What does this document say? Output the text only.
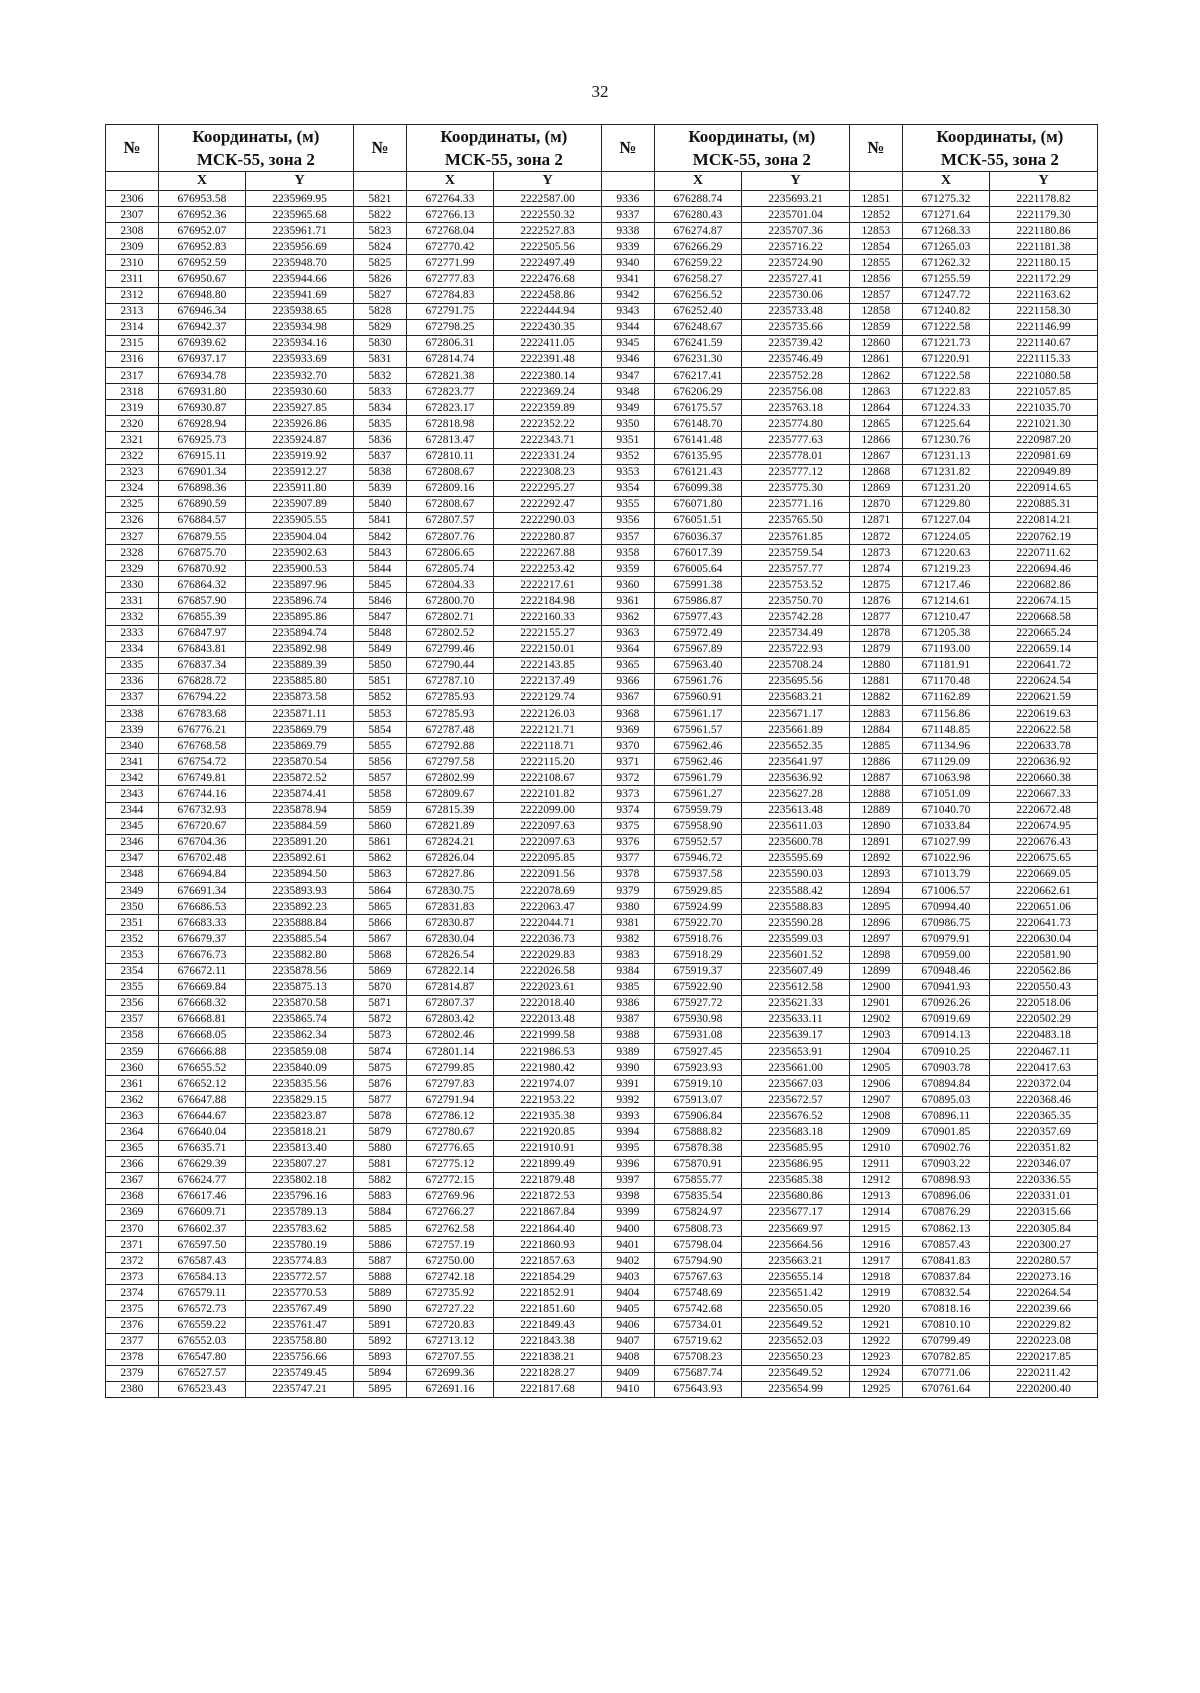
32
№	Координаты, (м)		№	Координаты, (м)		№	Координаты, (м)		№	Координаты, (м)	
	МСК-55, зона 2			МСК-55, зона 2			МСК-55, зона 2			МСК-55, зона 2	
	X	Y		X	Y		X	Y		X	Y
2306	676953.58	2235969.95	5821	672764.33	2222587.00	9336	676288.74	2235693.21	12851	671275.32	2221178.82
2307	676952.36	2235965.68	5822	672766.13	2222550.32	9337	676280.43	2235701.04	12852	671271.64	2221179.30
2308	676952.07	2235961.71	5823	672768.04	2222527.83	9338	676274.87	2235707.36	12853	671268.33	2221180.86
2309	676952.83	2235956.69	5824	672770.42	2222505.56	9339	676266.29	2235716.22	12854	671265.03	2221181.38
2310	676952.59	2235948.70	5825	672771.99	2222497.49	9340	676259.22	2235724.90	12855	671262.32	2221180.15
2311	676950.67	2235944.66	5826	672777.83	2222476.68	9341	676258.27	2235727.41	12856	671255.59	2221172.29
2312	676948.80	2235941.69	5827	672784.83	2222458.86	9342	676256.52	2235730.06	12857	671247.72	2221163.62
2313	676946.34	2235938.65	5828	672791.75	2222444.94	9343	676252.40	2235733.48	12858	671240.82	2221158.30
2314	676942.37	2235934.98	5829	672798.25	2222430.35	9344	676248.67	2235735.66	12859	671222.58	2221146.99
2315	676939.62	2235934.16	5830	672806.31	2222411.05	9345	676241.59	2235739.42	12860	671221.73	2221140.67
2316	676937.17	2235933.69	5831	672814.74	2222391.48	9346	676231.30	2235746.49	12861	671220.91	2221115.33
2317	676934.78	2235932.70	5832	672821.38	2222380.14	9347	676217.41	2235752.28	12862	671222.58	2221080.58
2318	676931.80	2235930.60	5833	672823.77	2222369.24	9348	676206.29	2235756.08	12863	671222.83	2221057.85
2319	676930.87	2235927.85	5834	672823.17	2222359.89	9349	676175.57	2235763.18	12864	671224.33	2221035.70
2320	676928.94	2235926.86	5835	672818.98	2222352.22	9350	676148.70	2235774.80	12865	671225.64	2221021.30
2321	676925.73	2235924.87	5836	672813.47	2222343.71	9351	676141.48	2235777.63	12866	671230.76	2220987.20
2322	676915.11	2235919.92	5837	672810.11	2222331.24	9352	676135.95	2235778.01	12867	671231.13	2220981.69
2323	676901.34	2235912.27	5838	672808.67	2222308.23	9353	676121.43	2235777.12	12868	671231.82	2220949.89
2324	676898.36	2235911.80	5839	672809.16	2222295.27	9354	676099.38	2235775.30	12869	671231.20	2220914.65
2325	676890.59	2235907.89	5840	672808.67	2222292.47	9355	676071.80	2235771.16	12870	671229.80	2220885.31
2326	676884.57	2235905.55	5841	672807.57	2222290.03	9356	676051.51	2235765.50	12871	671227.04	2220814.21
2327	676879.55	2235904.04	5842	672807.76	2222280.87	9357	676036.37	2235761.85	12872	671224.05	2220762.19
2328	676875.70	2235902.63	5843	672806.65	2222267.88	9358	676017.39	2235759.54	12873	671220.63	2220711.62
2329	676870.92	2235900.53	5844	672805.74	2222253.42	9359	676005.64	2235757.77	12874	671219.23	2220694.46
2330	676864.32	2235897.96	5845	672804.33	2222217.61	9360	675991.38	2235753.52	12875	671217.46	2220682.86
2331	676857.90	2235896.74	5846	672800.70	2222184.98	9361	675986.87	2235750.70	12876	671214.61	2220674.15
2332	676855.39	2235895.86	5847	672802.71	2222160.33	9362	675977.43	2235742.28	12877	671210.47	2220668.58
2333	676847.97	2235894.74	5848	672802.52	2222155.27	9363	675972.49	2235734.49	12878	671205.38	2220665.24
2334	676843.81	2235892.98	5849	672799.46	2222150.01	9364	675967.89	2235722.93	12879	671193.00	2220659.14
2335	676837.34	2235889.39	5850	672790.44	2222143.85	9365	675963.40	2235708.24	12880	671181.91	2220641.72
2336	676828.72	2235885.80	5851	672787.10	2222137.49	9366	675961.76	2235695.56	12881	671170.48	2220624.54
2337	676794.22	2235873.58	5852	672785.93	2222129.74	9367	675960.91	2235683.21	12882	671162.89	2220621.59
2338	676783.68	2235871.11	5853	672785.93	2222126.03	9368	675961.17	2235671.17	12883	671156.86	2220619.63
2339	676776.21	2235869.79	5854	672787.48	2222121.71	9369	675961.57	2235661.89	12884	671148.85	2220622.58
2340	676768.58	2235869.79	5855	672792.88	2222118.71	9370	675962.46	2235652.35	12885	671134.96	2220633.78
2341	676754.72	2235870.54	5856	672797.58	2222115.20	9371	675962.46	2235641.97	12886	671129.09	2220636.92
2342	676749.81	2235872.52	5857	672802.99	2222108.67	9372	675961.79	2235636.92	12887	671063.98	2220660.38
2343	676744.16	2235874.41	5858	672809.67	2222101.82	9373	675961.27	2235627.28	12888	671051.09	2220667.33
2344	676732.93	2235878.94	5859	672815.39	2222099.00	9374	675959.79	2235613.48	12889	671040.70	2220672.48
2345	676720.67	2235884.59	5860	672821.89	2222097.63	9375	675958.90	2235611.03	12890	671033.84	2220674.95
2346	676704.36	2235891.20	5861	672824.21	2222097.63	9376	675952.57	2235600.78	12891	671027.99	2220676.43
2347	676702.48	2235892.61	5862	672826.04	2222095.85	9377	675946.72	2235595.69	12892	671022.96	2220675.65
2348	676694.84	2235894.50	5863	672827.86	2222091.56	9378	675937.58	2235590.03	12893	671013.79	2220669.05
2349	676691.34	2235893.93	5864	672830.75	2222078.69	9379	675929.85	2235588.42	12894	671006.57	2220662.61
2350	676686.53	2235892.23	5865	672831.83	2222063.47	9380	675924.99	2235588.83	12895	670994.40	2220651.06
2351	676683.33	2235888.84	5866	672830.87	2222044.71	9381	675922.70	2235590.28	12896	670986.75	2220641.73
2352	676679.37	2235885.54	5867	672830.04	2222036.73	9382	675918.76	2235599.03	12897	670979.91	2220630.04
2353	676676.73	2235882.80	5868	672826.54	2222029.83	9383	675918.29	2235601.52	12898	670959.00	2220581.90
2354	676672.11	2235878.56	5869	672822.14	2222026.58	9384	675919.37	2235607.49	12899	670948.46	2220562.86
2355	676669.84	2235875.13	5870	672814.87	2222023.61	9385	675922.90	2235612.58	12900	670941.93	2220550.43
2356	676668.32	2235870.58	5871	672807.37	2222018.40	9386	675927.72	2235621.33	12901	670926.26	2220518.06
2357	676668.81	2235865.74	5872	672803.42	2222013.48	9387	675930.98	2235633.11	12902	670919.69	2220502.29
2358	676668.05	2235862.34	5873	672802.46	2221999.58	9388	675931.08	2235639.17	12903	670914.13	2220483.18
2359	676666.88	2235859.08	5874	672801.14	2221986.53	9389	675927.45	2235653.91	12904	670910.25	2220467.11
2360	676655.52	2235840.09	5875	672799.85	2221980.42	9390	675923.93	2235661.00	12905	670903.78	2220417.63
2361	676652.12	2235835.56	5876	672797.83	2221974.07	9391	675919.10	2235667.03	12906	670894.84	2220372.04
2362	676647.88	2235829.15	5877	672791.94	2221953.22	9392	675913.07	2235672.57	12907	670895.03	2220368.46
2363	676644.67	2235823.87	5878	672786.12	2221935.38	9393	675906.84	2235676.52	12908	670896.11	2220365.35
2364	676640.04	2235818.21	5879	672780.67	2221920.85	9394	675888.82	2235683.18	12909	670901.85	2220357.69
2365	676635.71	2235813.40	5880	672776.65	2221910.91	9395	675878.38	2235685.95	12910	670902.76	2220351.82
2366	676629.39	2235807.27	5881	672775.12	2221899.49	9396	675870.91	2235686.95	12911	670903.22	2220346.07
2367	676624.77	2235802.18	5882	672772.15	2221879.48	9397	675855.77	2235685.38	12912	670898.93	2220336.55
2368	676617.46	2235796.16	5883	672769.96	2221872.53	9398	675835.54	2235680.86	12913	670896.06	2220331.01
2369	676609.71	2235789.13	5884	672766.27	2221867.84	9399	675824.97	2235677.17	12914	670876.29	2220315.66
2370	676602.37	2235783.62	5885	672762.58	2221864.40	9400	675808.73	2235669.97	12915	670862.13	2220305.84
2371	676597.50	2235780.19	5886	672757.19	2221860.93	9401	675798.04	2235664.56	12916	670857.43	2220300.27
2372	676587.43	2235774.83	5887	672750.00	2221857.63	9402	675794.90	2235663.21	12917	670841.83	2220280.57
2373	676584.13	2235772.57	5888	672742.18	2221854.29	9403	675767.63	2235655.14	12918	670837.84	2220273.16
2374	676579.11	2235770.53	5889	672735.92	2221852.91	9404	675748.69	2235651.42	12919	670832.54	2220264.54
2375	676572.73	2235767.49	5890	672727.22	2221851.60	9405	675742.68	2235650.05	12920	670818.16	2220239.66
2376	676559.22	2235761.47	5891	672720.83	2221849.43	9406	675734.01	2235649.52	12921	670810.10	2220229.82
2377	676552.03	2235758.80	5892	672713.12	2221843.38	9407	675719.62	2235652.03	12922	670799.49	2220223.08
2378	676547.80	2235756.66	5893	672707.55	2221838.21	9408	675708.23	2235650.23	12923	670782.85	2220217.85
2379	676527.57	2235749.45	5894	672699.36	2221828.27	9409	675687.74	2235649.52	12924	670771.06	2220211.42
2380	676523.43	2235747.21	5895	672691.16	2221817.68	9410	675643.93	2235654.99	12925	670761.64	2220200.40
